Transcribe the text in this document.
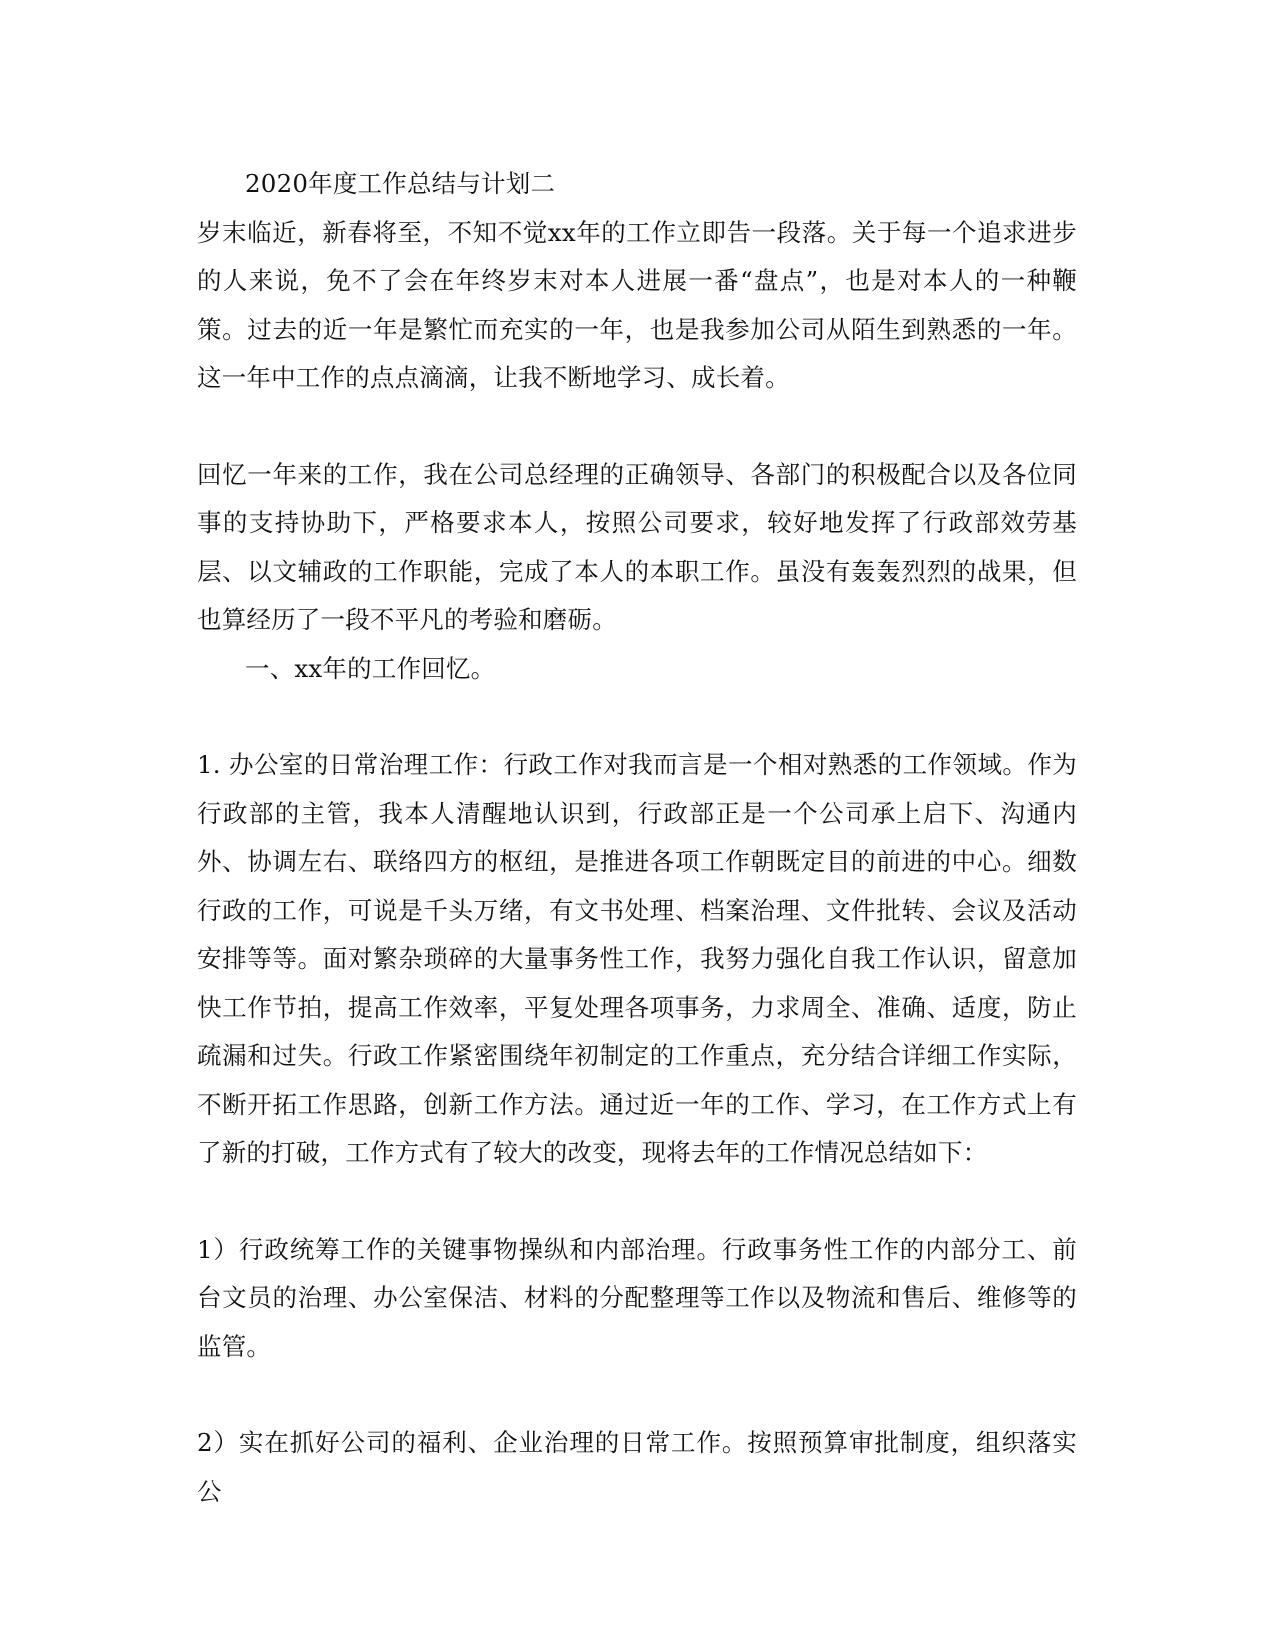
2020年度工作总结与计划二

岁末临近，新春将至，不知不觉xx年的工作立即告一段落。关于每一个追求进步的人来说，免不了会在年终岁末对本人进展一番“盘点”，也是对本人的一种鞭策。过去的近一年是繁忙而充实的一年，也是我参加公司从陌生到熟悉的一年。这一年中工作的点点滴滴，让我不断地学习、成长着。

回忆一年来的工作，我在公司总经理的正确领导、各部门的积极配合以及各位同事的支持协助下，严格要求本人，按照公司要求，较好地发挥了行政部效劳基层、以文辅政的工作职能，完成了本人的本职工作。虽没有轰轰烈烈的战果，但也算经历了一段不平凡的考验和磨砺。

一、xx年的工作回忆。

1. 办公室的日常治理工作：行政工作对我而言是一个相对熟悉的工作领域。作为行政部的主管，我本人清醒地认识到，行政部正是一个公司承上启下、沟通内外、协调左右、联络四方的枢纽，是推进各项工作朝既定目的前进的中心。细数行政的工作，可说是千头万绪，有文书处理、档案治理、文件批转、会议及活动安排等等。面对繁杂琐碎的大量事务性工作，我努力强化自我工作认识，留意加快工作节拍，提高工作效率，平复处理各项事务，力求周全、准确、适度，防止疏漏和过失。行政工作紧密围绕年初制定的工作重点，充分结合详细工作实际，不断开拓工作思路，创新工作方法。通过近一年的工作、学习，在工作方式上有了新的打破，工作方式有了较大的改变，现将去年的工作情况总结如下：

1）行政统筹工作的关键事物操纵和内部治理。行政事务性工作的内部分工、前台文员的治理、办公室保洁、材料的分配整理等工作以及物流和售后、维修等的监管。

2）实在抓好公司的福利、企业治理的日常工作。按照预算审批制度，组织落实公
